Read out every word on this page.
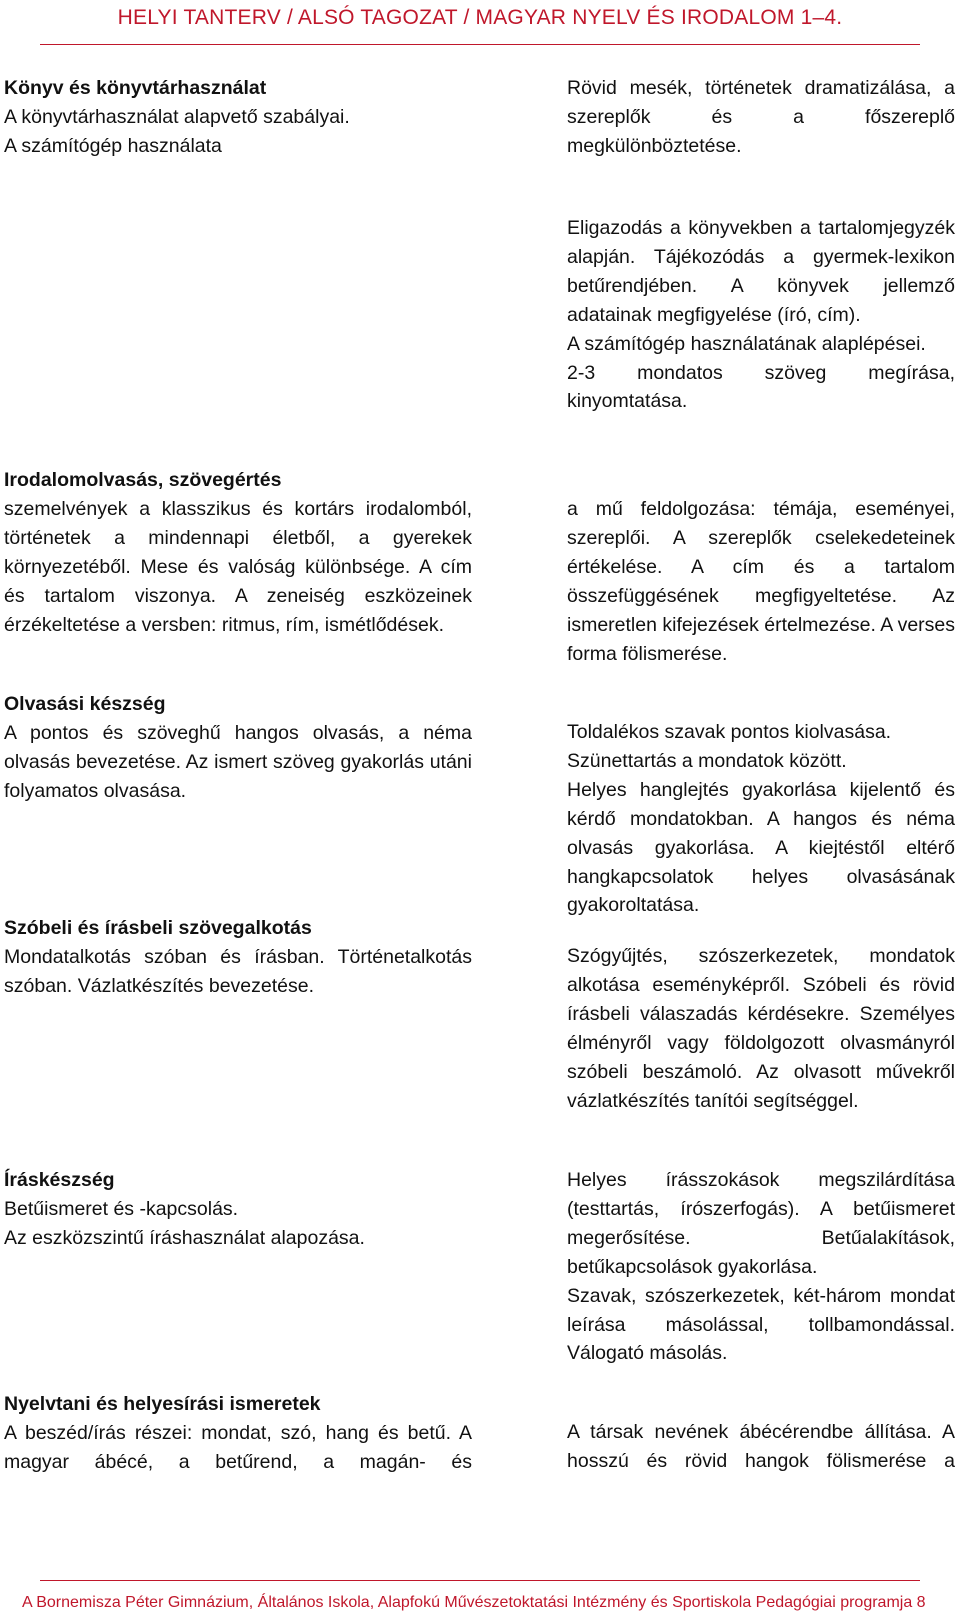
HELYI TANTERV / ALSÓ TAGOZAT / MAGYAR NYELV ÉS IRODALOM 1–4.
Könyv és könyvtárhasználat
A könyvtárhasználat alapvető szabályai.
A számítógép használata
Rövid mesék, történetek dramatizálása, a szereplők és a főszereplő megkülönböztetése.

Eligazodás a könyvekben a tartalomjegyzék alapján. Tájékozódás a gyermek-lexikon betűrendjében. A könyvek jellemző adatainak megfigyelése (író, cím).

A számítógép használatának alaplépései.

2-3 mondatos szöveg megírása, kinyomtatása.

Irodalomolvasás, szövegértés

szemelvények a klasszikus és kortárs irodalomból, történetek a mindennapi életből, a gyerekek környezetéből. Mese és valóság különbsége. A cím és tartalom viszonya. A zeneiség eszközeinek érzékeltetése a versben: ritmus, rím, ismétlődések.

a mű feldolgozása: témája, eseményei, szereplői. A szereplők cselekedeteinek értékelése. A cím és a tartalom összefüggésének megfigyeltetése. Az ismeretlen kifejezések értelmezése. A verses forma fölismerése.
Olvasási készség

A pontos és szöveghű hangos olvasás, a néma olvasás bevezetése. Az ismert szöveg gyakorlás utáni folyamatos olvasása.

Toldalékos szavak pontos kiolvasása.

Szünettartás a mondatok között.

Helyes hanglejtés gyakorlása kijelentő és kérdő mondatokban. A hangos és néma olvasás gyakorlása. A kiejtéstől eltérő hangkapcsolatok helyes olvasásának gyakoroltatása.

Szóbeli és írásbeli szövegalkotás

Mondatalkotás szóban és írásban. Történetalkotás szóban. Vázlatkészítés bevezetése.

Szógyűjtés, szószerkezetek, mondatok alkotása eseményképről. Szóbeli és rövid írásbeli válaszadás kérdésekre. Személyes élményről vagy földolgozott olvasmányról szóbeli beszámoló. Az olvasott művekről vázlatkészítés tanítói segítséggel.
Íráskészség
Betűismeret és -kapcsolás.
Az eszközszintű íráshasználat alapozása.

Helyes írásszokások megszilárdítása (testtartás, írószerfogás). A betűismeret megerősítése. Betűalakítások, betűkapcsolások gyakorlása.

Szavak, szószerkezetek, két-három mondat leírása másolással, tollbamondással. Válogató másolás.

Nyelvtani és helyesírási ismeretek

A beszéd/írás részei: mondat, szó, hang és betű. A magyar ábécé, a betűrend, a magán- és

A társak nevének ábécérendbe állítása. A hosszú és rövid hangok fölismerése a
A Bornemisza Péter Gimnázium, Általános Iskola, Alapfokú Művészetoktatási Intézmény és Sportiskola Pedagógiai programja 8
